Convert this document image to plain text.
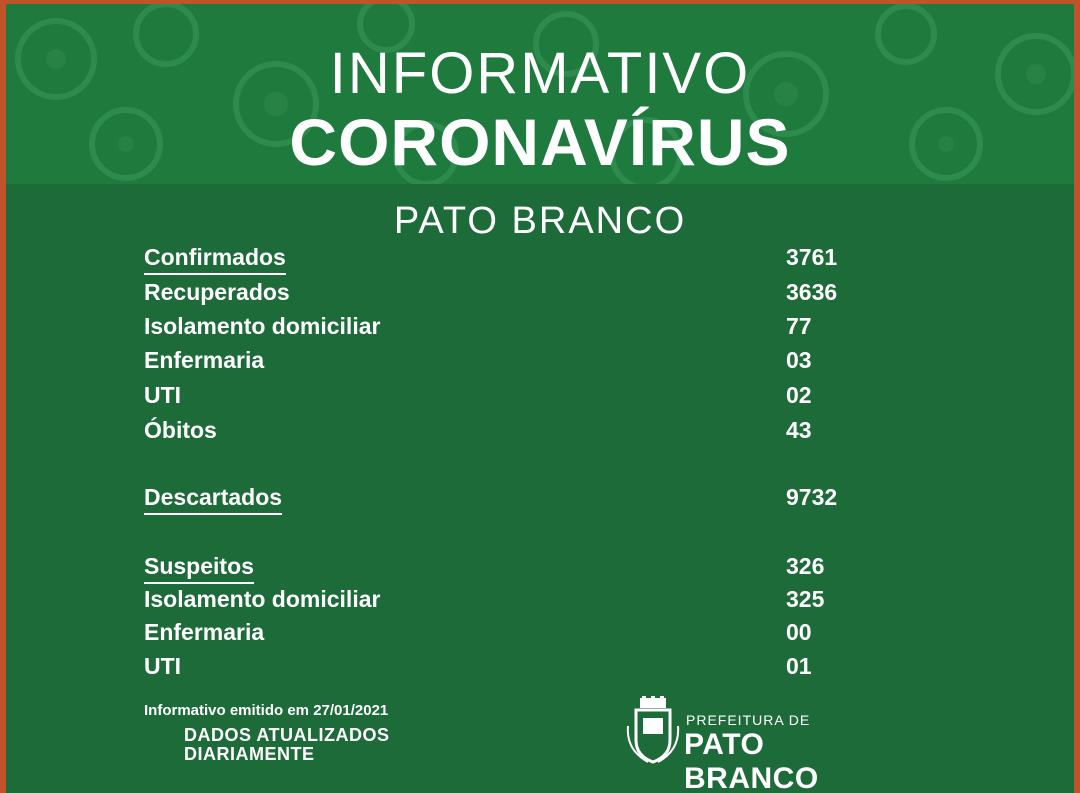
INFORMATIVO
CORONAVÍRUS
PATO BRANCO
Confirmados	3761
Recuperados	3636
Isolamento domiciliar	77
Enfermaria	03
UTI	02
Óbitos	43
Descartados	9732
Suspeitos	326
Isolamento domiciliar	325
Enfermaria	00
UTI	01
Informativo emitido em 27/01/2021
DADOS ATUALIZADOS
DIARIAMENTE
PREFEITURA DE
PATO BRANCO
